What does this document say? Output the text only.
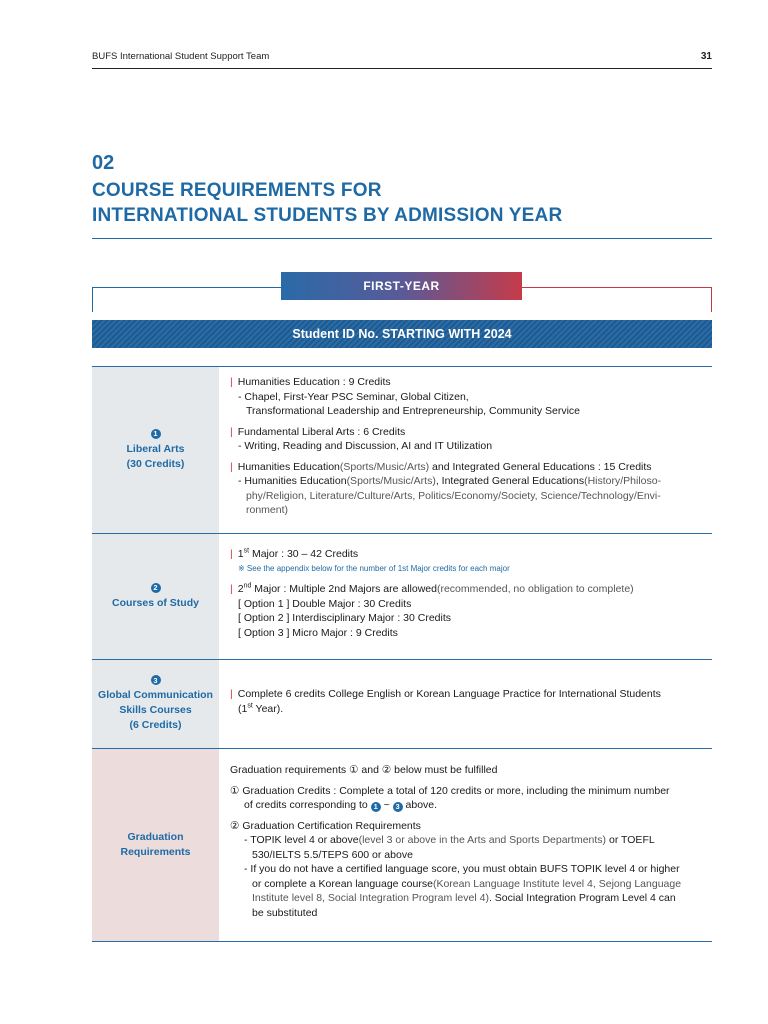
BUFS International Student Support Team	31
02
COURSE REQUIREMENTS FOR
INTERNATIONAL STUDENTS BY ADMISSION YEAR
FIRST-YEAR
Student ID No. STARTING WITH 2024
1
Liberal Arts
(30 Credits)
| Humanities Education : 9 Credits
- Chapel, First-Year PSC Seminar, Global Citizen,
Transformational Leadership and Entrepreneurship, Community Service
| Fundamental Liberal Arts : 6 Credits
- Writing, Reading and Discussion, AI and IT Utilization
| Humanities Education(Sports/Music/Arts) and Integrated General Educations : 15 Credits
- Humanities Education(Sports/Music/Arts), Integrated General Educations(History/Philoso-
phy/Religion, Literature/Culture/Arts, Politics/Economy/Society, Science/Technology/Envi-
ronment)
2
Courses of Study
| 1st Major : 30 – 42 Credits
※ See the appendix below for the number of 1st Major credits for each major
| 2nd Major : Multiple 2nd Majors are allowed(recommended, no obligation to complete)
[ Option 1 ] Double Major : 30 Credits
[ Option 2 ] Interdisciplinary Major : 30 Credits
[ Option 3 ] Micro Major : 9 Credits
3
Global Communication
Skills Courses
(6 Credits)
| Complete 6 credits College English or Korean Language Practice for International Students
(1st Year).
Graduation
Requirements
Graduation requirements ① and ② below must be fulfilled
① Graduation Credits : Complete a total of 120 credits or more, including the minimum number
of credits corresponding to 1 ~ 3 above.
② Graduation Certification Requirements
- TOPIK level 4 or above(level 3 or above in the Arts and Sports Departments) or TOEFL
530/IELTS 5.5/TEPS 600 or above
- If you do not have a certified language score, you must obtain BUFS TOPIK level 4 or higher
or complete a Korean language course(Korean Language Institute level 4, Sejong Language
Institute level 8, Social Integration Program level 4). Social Integration Program Level 4 can
be substituted
